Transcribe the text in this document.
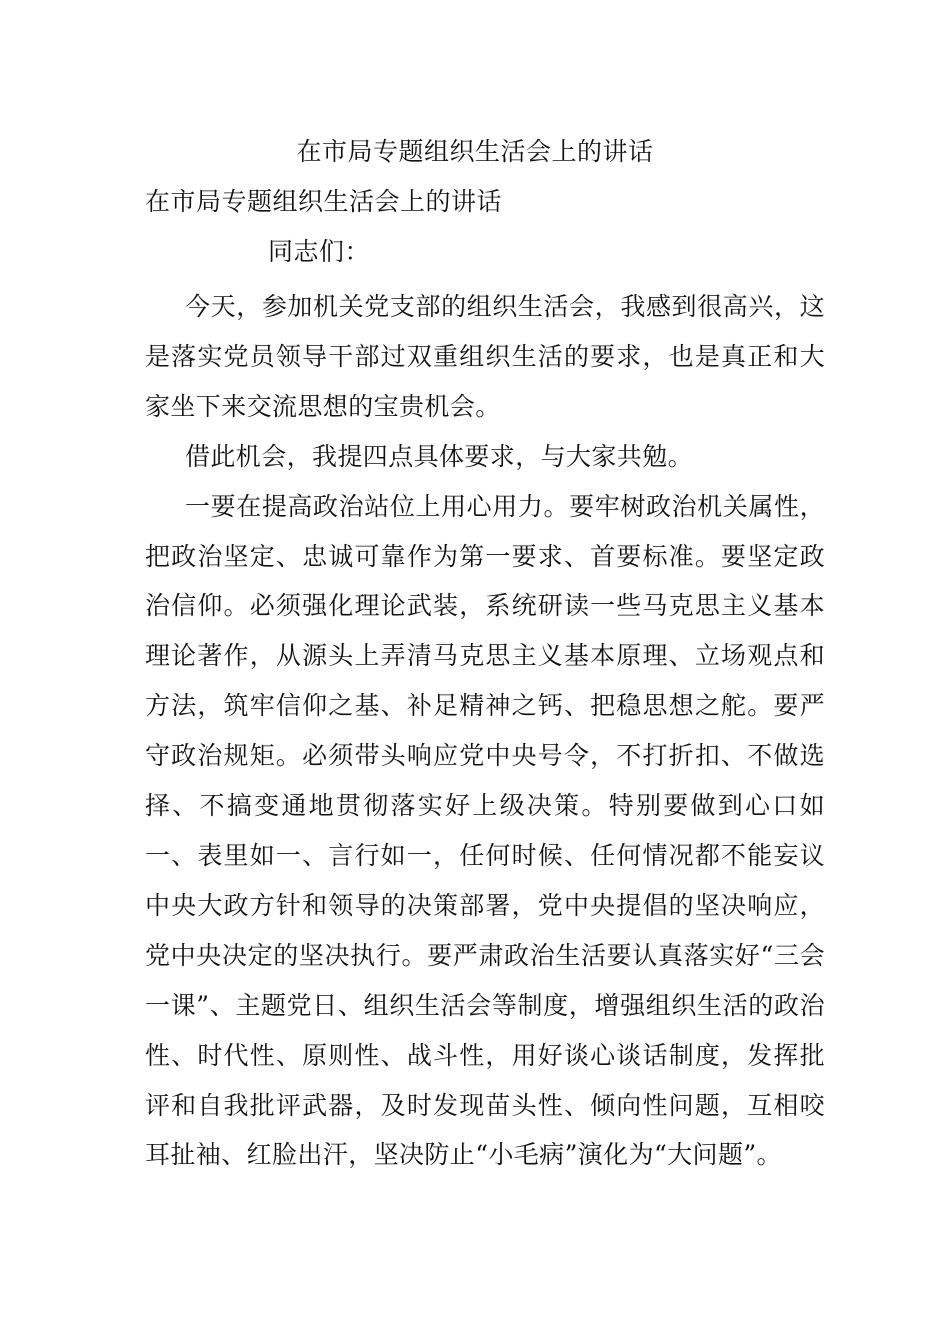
在市局专题组织生活会上的讲话
在市局专题组织生活会上的讲话
同志们：

今天，参加机关党支部的组织生活会，我感到很高兴，这是落实党员领导干部过双重组织生活的要求，也是真正和大家坐下来交流思想的宝贵机会。

借此机会，我提四点具体要求，与大家共勉。

一要在提高政治站位上用心用力。要牢树政治机关属性，把政治坚定、忠诚可靠作为第一要求、首要标准。要坚定政治信仰。必须强化理论武装，系统研读一些马克思主义基本理论著作，从源头上弄清马克思主义基本原理、立场观点和方法，筑牢信仰之基、补足精神之钙、把稳思想之舵。要严守政治规矩。必须带头响应党中央号令，不打折扣、不做选择、不搞变通地贯彻落实好上级决策。特别要做到心口如一、表里如一、言行如一，任何时候、任何情况都不能妄议中央大政方针和领导的决策部署，党中央提倡的坚决响应，党中央决定的坚决执行。要严肃政治生活要认真落实好“三会一课”、主题党日、组织生活会等制度，增强组织生活的政治性、时代性、原则性、战斗性，用好谈心谈话制度，发挥批评和自我批评武器，及时发现苗头性、倾向性问题，互相咬耳扯袖、红脸出汗，坚决防止“小毛病”演化为“大问题”。
